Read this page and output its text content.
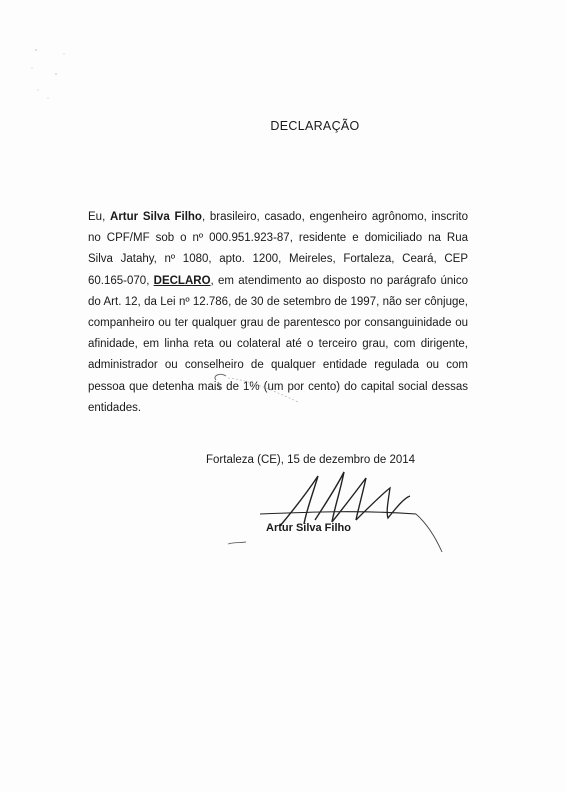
DECLARAÇÃO
Eu, Artur Silva Filho, brasileiro, casado, engenheiro agrônomo, inscrito no CPF/MF sob o nº 000.951.923-87, residente e domiciliado na Rua Silva Jatahy, nº 1080, apto. 1200, Meireles, Fortaleza, Ceará, CEP 60.165-070, DECLARO, em atendimento ao disposto no parágrafo único do Art. 12, da Lei nº 12.786, de 30 de setembro de 1997, não ser cônjuge, companheiro ou ter qualquer grau de parentesco por consanguinidade ou afinidade, em linha reta ou colateral até o terceiro grau, com dirigente, administrador ou conselheiro de qualquer entidade regulada ou com pessoa que detenha mais de 1% (um por cento) do capital social dessas entidades.
Fortaleza (CE), 15 de dezembro de 2014
Artur Silva Filho
